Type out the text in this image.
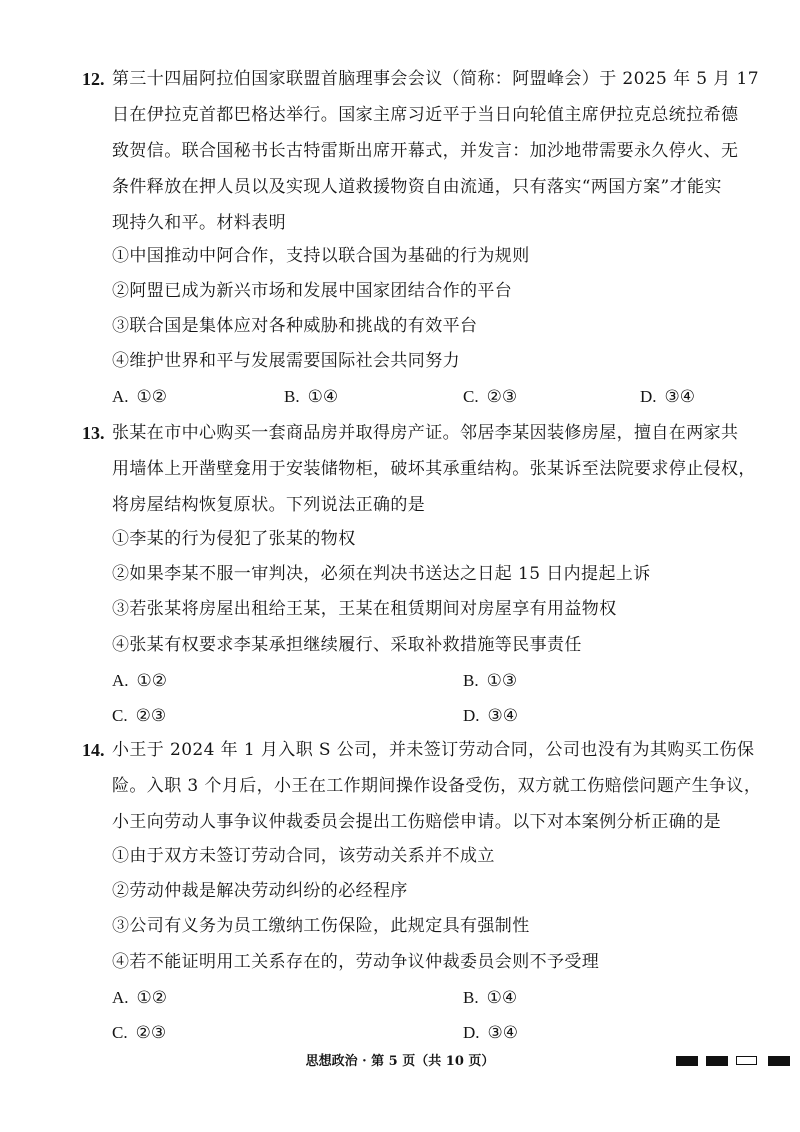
12. 第三十四届阿拉伯国家联盟首脑理事会会议（简称：阿盟峰会）于 2025 年 5 月 17
日在伊拉克首都巴格达举行。国家主席习近平于当日向轮值主席伊拉克总统拉希德
致贺信。联合国秘书长古特雷斯出席开幕式，并发言：加沙地带需要永久停火、无
条件释放在押人员以及实现人道救援物资自由流通，只有落实“两国方案”才能实
现持久和平。材料表明
①中国推动中阿合作，支持以联合国为基础的行为规则
②阿盟已成为新兴市场和发展中国家团结合作的平台
③联合国是集体应对各种威胁和挑战的有效平台
④维护世界和平与发展需要国际社会共同努力
A. ①②	B. ①④	C. ②③	D. ③④
13. 张某在市中心购买一套商品房并取得房产证。邻居李某因装修房屋，擅自在两家共
用墙体上开凿壁龛用于安装储物柜，破坏其承重结构。张某诉至法院要求停止侵权，
将房屋结构恢复原状。下列说法正确的是
①李某的行为侵犯了张某的物权
②如果李某不服一审判决，必须在判决书送达之日起 15 日内提起上诉
③若张某将房屋出租给王某，王某在租赁期间对房屋享有用益物权
④张某有权要求李某承担继续履行、采取补救措施等民事责任
A. ①②	B. ①③
C. ②③	D. ③④
14. 小王于 2024 年 1 月入职 S 公司，并未签订劳动合同，公司也没有为其购买工伤保
险。入职 3 个月后，小王在工作期间操作设备受伤，双方就工伤赔偿问题产生争议，
小王向劳动人事争议仲裁委员会提出工伤赔偿申请。以下对本案例分析正确的是
①由于双方未签订劳动合同，该劳动关系并不成立
②劳动仲裁是解决劳动纠纷的必经程序
③公司有义务为员工缴纳工伤保险，此规定具有强制性
④若不能证明用工关系存在的，劳动争议仲裁委员会则不予受理
A. ①②	B. ①④
C. ②③	D. ③④
思想政治 · 第 5 页（共 10 页）
